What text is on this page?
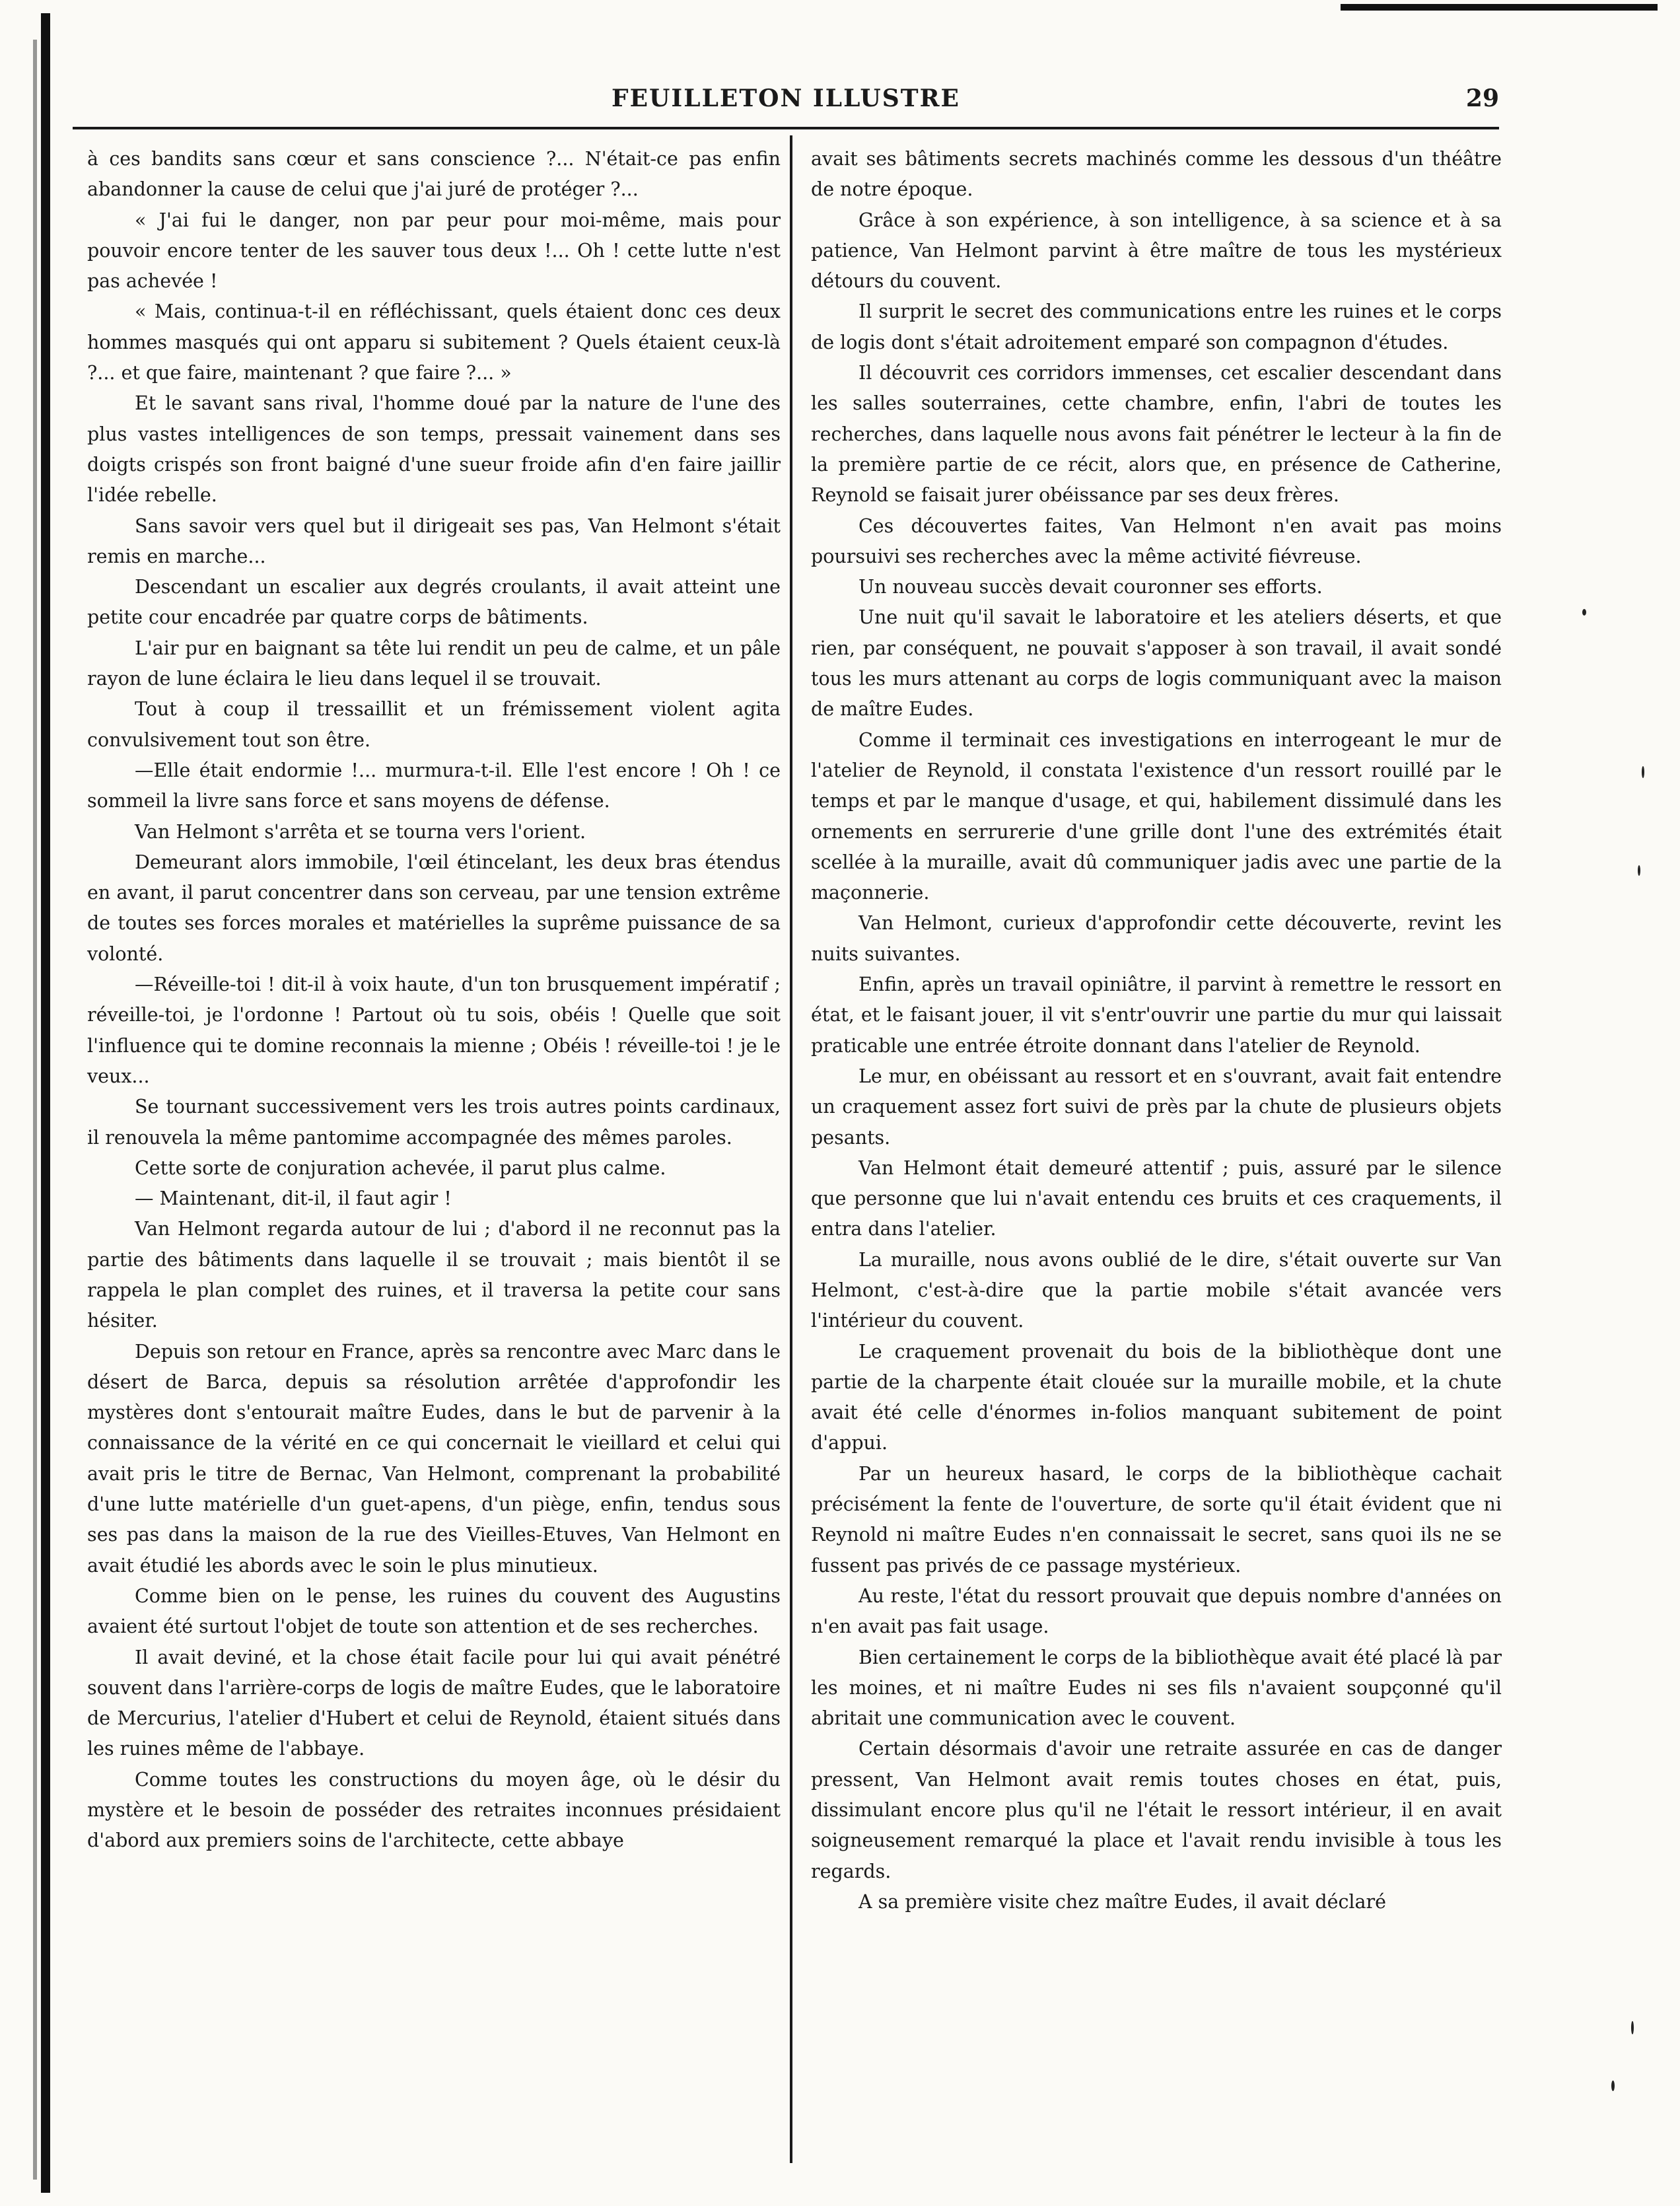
FEUILLETON ILLUSTRE	29

à ces bandits sans cœur et sans conscience ?... N'était-ce pas enfin abandonner la cause de celui que j'ai juré de protéger ?...

« J'ai fui le danger, non par peur pour moi-même, mais pour pouvoir encore tenter de les sauver tous deux !... Oh ! cette lutte n'est pas achevée !

« Mais, continua-t-il en réfléchissant, quels étaient donc ces deux hommes masqués qui ont apparu si subitement ? Quels étaient ceux-là ?... et que faire, maintenant ? que faire ?... »

Et le savant sans rival, l'homme doué par la nature de l'une des plus vastes intelligences de son temps, pressait vainement dans ses doigts crispés son front baigné d'une sueur froide afin d'en faire jaillir l'idée rebelle.

Sans savoir vers quel but il dirigeait ses pas, Van Helmont s'était remis en marche...

Descendant un escalier aux degrés croulants, il avait atteint une petite cour encadrée par quatre corps de bâtiments.

L'air pur en baignant sa tête lui rendit un peu de calme, et un pâle rayon de lune éclaira le lieu dans lequel il se trouvait.

Tout à coup il tressaillit et un frémissement violent agita convulsivement tout son être.

—Elle était endormie !... murmura-t-il. Elle l'est encore ! Oh ! ce sommeil la livre sans force et sans moyens de défense.

Van Helmont s'arrêta et se tourna vers l'orient.

Demeurant alors immobile, l'œil étincelant, les deux bras étendus en avant, il parut concentrer dans son cerveau, par une tension extrême de toutes ses forces morales et matérielles la suprême puissance de sa volonté.

—Réveille-toi ! dit-il à voix haute, d'un ton brusquement impératif ; réveille-toi, je l'ordonne ! Partout où tu sois, obéis ! Quelle que soit l'influence qui te domine reconnais la mienne ; Obéis ! réveille-toi ! je le veux...

Se tournant successivement vers les trois autres points cardinaux, il renouvela la même pantomime accompagnée des mêmes paroles.

Cette sorte de conjuration achevée, il parut plus calme.

— Maintenant, dit-il, il faut agir !

Van Helmont regarda autour de lui ; d'abord il ne reconnut pas la partie des bâtiments dans laquelle il se trouvait ; mais bientôt il se rappela le plan complet des ruines, et il traversa la petite cour sans hésiter.

Depuis son retour en France, après sa rencontre avec Marc dans le désert de Barca, depuis sa résolution arrêtée d'approfondir les mystères dont s'entourait maître Eudes, dans le but de parvenir à la connaissance de la vérité en ce qui concernait le vieillard et celui qui avait pris le titre de Bernac, Van Helmont, comprenant la probabilité d'une lutte matérielle d'un guet-apens, d'un piège, enfin, tendus sous ses pas dans la maison de la rue des Vieilles-Etuves, Van Helmont en avait étudié les abords avec le soin le plus minutieux.

Comme bien on le pense, les ruines du couvent des Augustins avaient été surtout l'objet de toute son attention et de ses recherches.

Il avait deviné, et la chose était facile pour lui qui avait pénétré souvent dans l'arrière-corps de logis de maître Eudes, que le laboratoire de Mercurius, l'atelier d'Hubert et celui de Reynold, étaient situés dans les ruines même de l'abbaye.

Comme toutes les constructions du moyen âge, où le désir du mystère et le besoin de posséder des retraites inconnues présidaient d'abord aux premiers soins de l'architecte, cette abbaye

avait ses bâtiments secrets machinés comme les dessous d'un théâtre de notre époque.

Grâce à son expérience, à son intelligence, à sa science et à sa patience, Van Helmont parvint à être maître de tous les mystérieux détours du couvent.

Il surprit le secret des communications entre les ruines et le corps de logis dont s'était adroitement emparé son compagnon d'études.

Il découvrit ces corridors immenses, cet escalier descendant dans les salles souterraines, cette chambre, enfin, l'abri de toutes les recherches, dans laquelle nous avons fait pénétrer le lecteur à la fin de la première partie de ce récit, alors que, en présence de Catherine, Reynold se faisait jurer obéissance par ses deux frères.

Ces découvertes faites, Van Helmont n'en avait pas moins poursuivi ses recherches avec la même activité fiévreuse.

Un nouveau succès devait couronner ses efforts.

Une nuit qu'il savait le laboratoire et les ateliers déserts, et que rien, par conséquent, ne pouvait s'apposer à son travail, il avait sondé tous les murs attenant au corps de logis communiquant avec la maison de maître Eudes.

Comme il terminait ces investigations en interrogeant le mur de l'atelier de Reynold, il constata l'existence d'un ressort rouillé par le temps et par le manque d'usage, et qui, habilement dissimulé dans les ornements en serrurerie d'une grille dont l'une des extrémités était scellée à la muraille, avait dû communiquer jadis avec une partie de la maçonnerie.

Van Helmont, curieux d'approfondir cette découverte, revint les nuits suivantes.

Enfin, après un travail opiniâtre, il parvint à remettre le ressort en état, et le faisant jouer, il vit s'entr'ouvrir une partie du mur qui laissait praticable une entrée étroite donnant dans l'atelier de Reynold.

Le mur, en obéissant au ressort et en s'ouvrant, avait fait entendre un craquement assez fort suivi de près par la chute de plusieurs objets pesants.

Van Helmont était demeuré attentif ; puis, assuré par le silence que personne que lui n'avait entendu ces bruits et ces craquements, il entra dans l'atelier.

La muraille, nous avons oublié de le dire, s'était ouverte sur Van Helmont, c'est-à-dire que la partie mobile s'était avancée vers l'intérieur du couvent.

Le craquement provenait du bois de la bibliothèque dont une partie de la charpente était clouée sur la muraille mobile, et la chute avait été celle d'énormes in-folios manquant subitement de point d'appui.

Par un heureux hasard, le corps de la bibliothèque cachait précisément la fente de l'ouverture, de sorte qu'il était évident que ni Reynold ni maître Eudes n'en connaissait le secret, sans quoi ils ne se fussent pas privés de ce passage mystérieux.

Au reste, l'état du ressort prouvait que depuis nombre d'années on n'en avait pas fait usage.

Bien certainement le corps de la bibliothèque avait été placé là par les moines, et ni maître Eudes ni ses fils n'avaient soupçonné qu'il abritait une communication avec le couvent.

Certain désormais d'avoir une retraite assurée en cas de danger pressent, Van Helmont avait remis toutes choses en état, puis, dissimulant encore plus qu'il ne l'était le ressort intérieur, il en avait soigneusement remarqué la place et l'avait rendu invisible à tous les regards.

A sa première visite chez maître Eudes, il avait déclaré
